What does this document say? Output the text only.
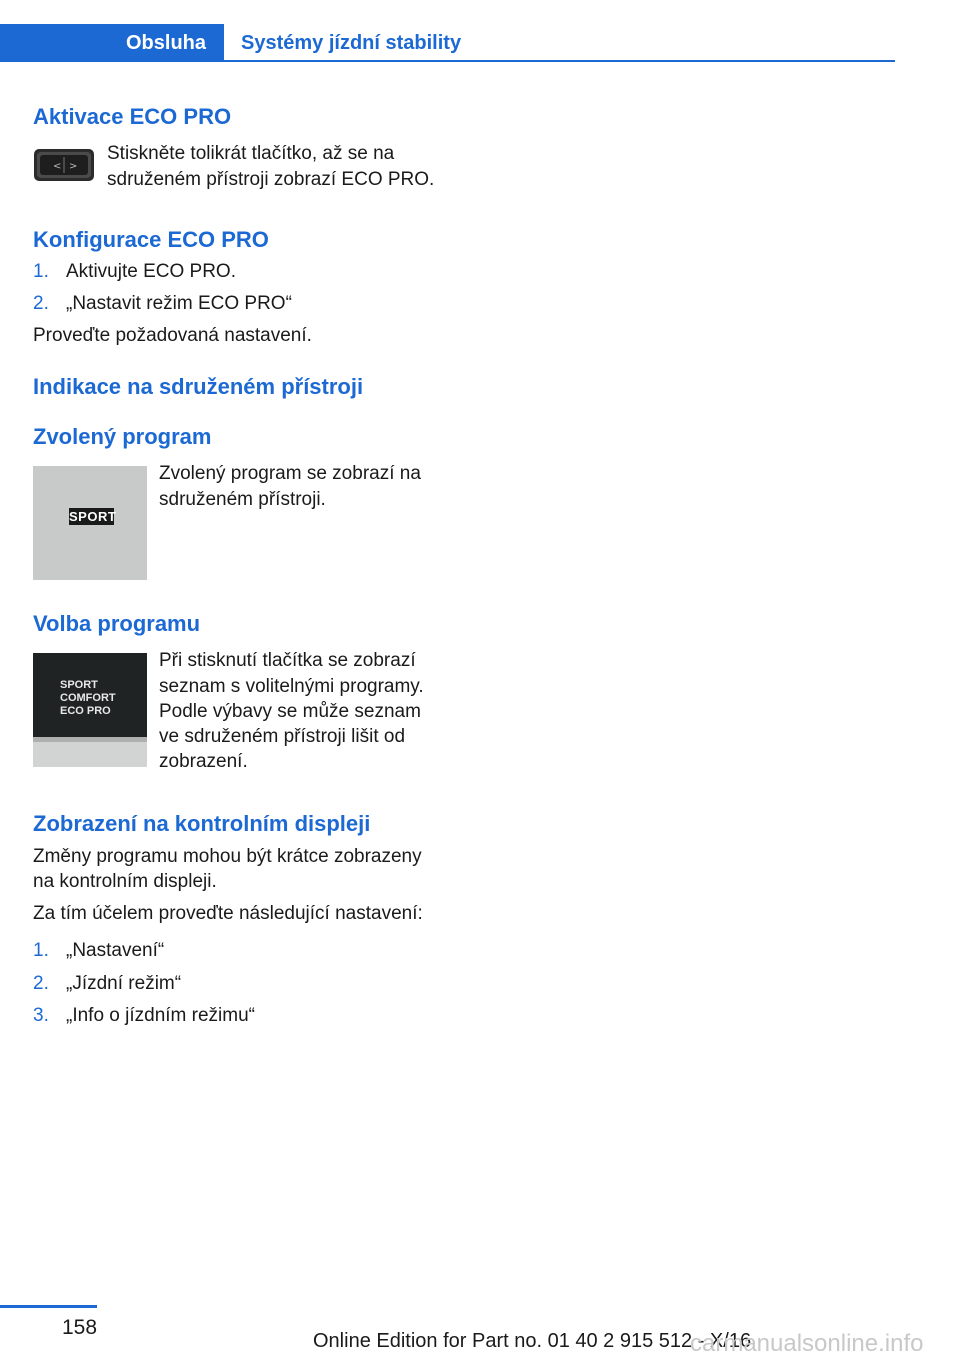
Obsluha	Systémy jízdní stability
Aktivace ECO PRO
< >

Stiskněte tolikrát tlačítko, až se na

sdruženém přístroji zobrazí ECO PRO.

Konfigurace ECO PRO
1. Aktivujte ECO PRO.
2. „Nastavit režim ECO PRO“

Proveďte požadovaná nastavení.

Indikace na sdruženém přístroji
Zvolený program
SPORT

Zvolený program se zobrazí na

sdruženém přístroji.

Volba programu
SPORT
COMFORT
ECO PRO

Při stisknutí tlačítka se zobrazí

seznam s volitelnými programy.

Podle výbavy se může seznam

ve sdruženém přístroji lišit od

zobrazení.

Zobrazení na kontrolním displeji

Změny programu mohou být krátce zobrazeny

na kontrolním displeji.

Za tím účelem proveďte následující nastavení:

1. „Nastavení“
2. „Jízdní režim“
3. „Info o jízdním režimu“
158
Online Edition for Part no. 01 40 2 915 512 - X/16
carmanualsonline.info
